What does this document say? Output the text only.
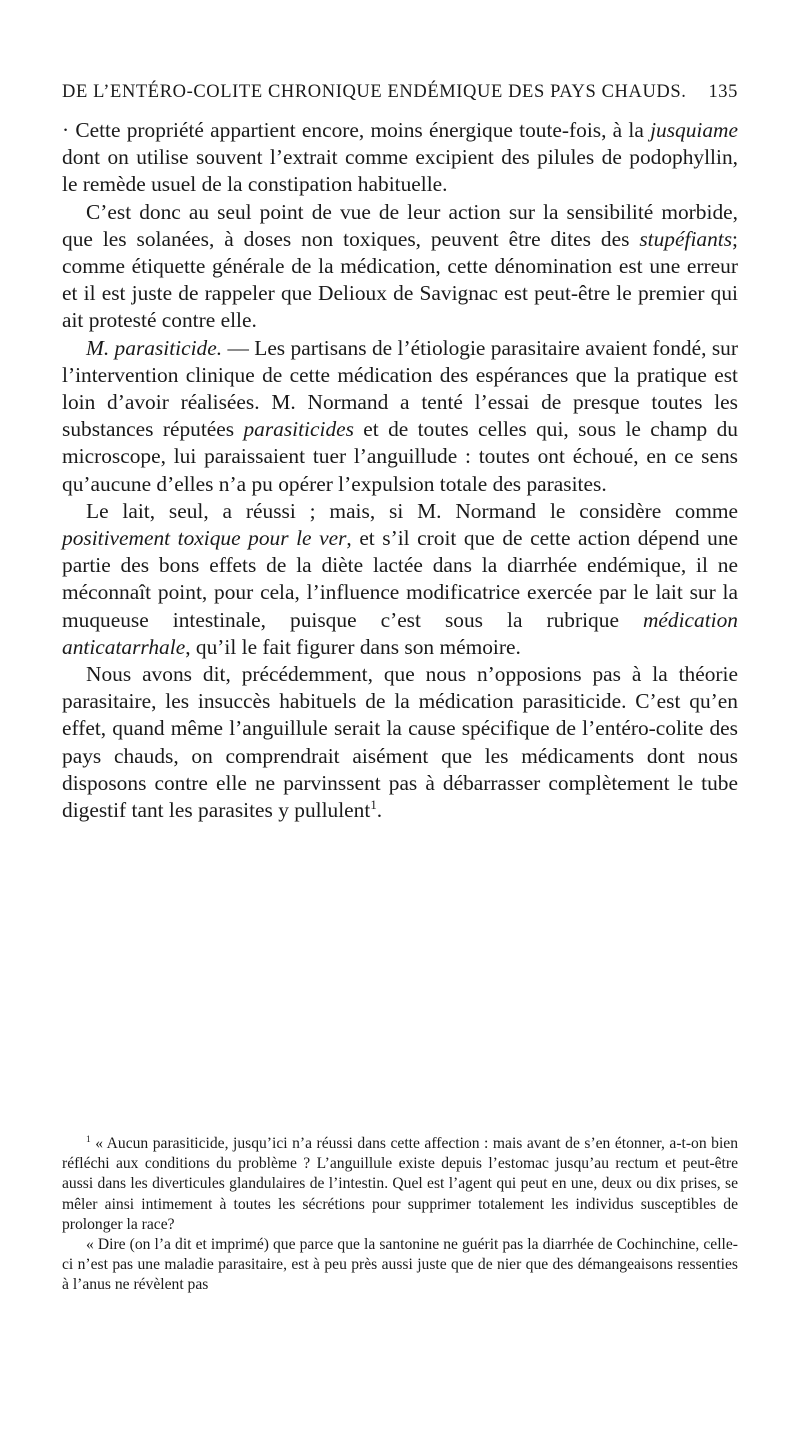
DE L’ENTÉRO-COLITE CHRONIQUE ENDÉMIQUE DES PAYS CHAUDS. 135

· Cette propriété appartient encore, moins énergique toute-fois, à la jusquiame dont on utilise souvent l’extrait comme excipient des pilules de podophyllin, le remède usuel de la constipation habituelle.

C’est donc au seul point de vue de leur action sur la sensibilité morbide, que les solanées, à doses non toxiques, peuvent être dites des stupéfiants; comme étiquette générale de la médication, cette dénomination est une erreur et il est juste de rappeler que Delioux de Savignac est peut-être le premier qui ait protesté contre elle.

M. parasiticide. — Les partisans de l’étiologie parasitaire avaient fondé, sur l’intervention clinique de cette médication des espérances que la pratique est loin d’avoir réalisées. M. Normand a tenté l’essai de presque toutes les substances réputées parasiticides et de toutes celles qui, sous le champ du microscope, lui paraissaient tuer l’anguillude : toutes ont échoué, en ce sens qu’aucune d’elles n’a pu opérer l’expulsion totale des parasites.

Le lait, seul, a réussi ; mais, si M. Normand le considère comme positivement toxique pour le ver, et s’il croit que de cette action dépend une partie des bons effets de la diète lactée dans la diarrhée endémique, il ne méconnaît point, pour cela, l’influence modificatrice exercée par le lait sur la muqueuse intestinale, puisque c’est sous la rubrique médication anticatarrhale, qu’il le fait figurer dans son mémoire.

Nous avons dit, précédemment, que nous n’opposions pas à la théorie parasitaire, les insuccès habituels de la médication parasiticide. C’est qu’en effet, quand même l’anguillule serait la cause spécifique de l’entéro-colite des pays chauds, on comprendrait aisément que les médicaments dont nous disposons contre elle ne parvinssent pas à débarrasser complètement le tube digestif tant les parasites y pullulent$^1$.

$^1$ « Aucun parasiticide, jusqu’ici n’a réussi dans cette affection : mais avant de s’en étonner, a-t-on bien réfléchi aux conditions du problème ? L’anguillule existe depuis l’estomac jusqu’au rectum et peut-être aussi dans les diverticules glandulaires de l’intestin. Quel est l’agent qui peut en une, deux ou dix prises, se mêler ainsi intimement à toutes les sécrétions pour supprimer totalement les individus susceptibles de prolonger la race?

« Dire (on l’a dit et imprimé) que parce que la santonine ne guérit pas la diarrhée de Cochinchine, celle-ci n’est pas une maladie parasitaire, est à peu près aussi juste que de nier que des démangeaisons ressenties à l’anus ne révèlent pas
